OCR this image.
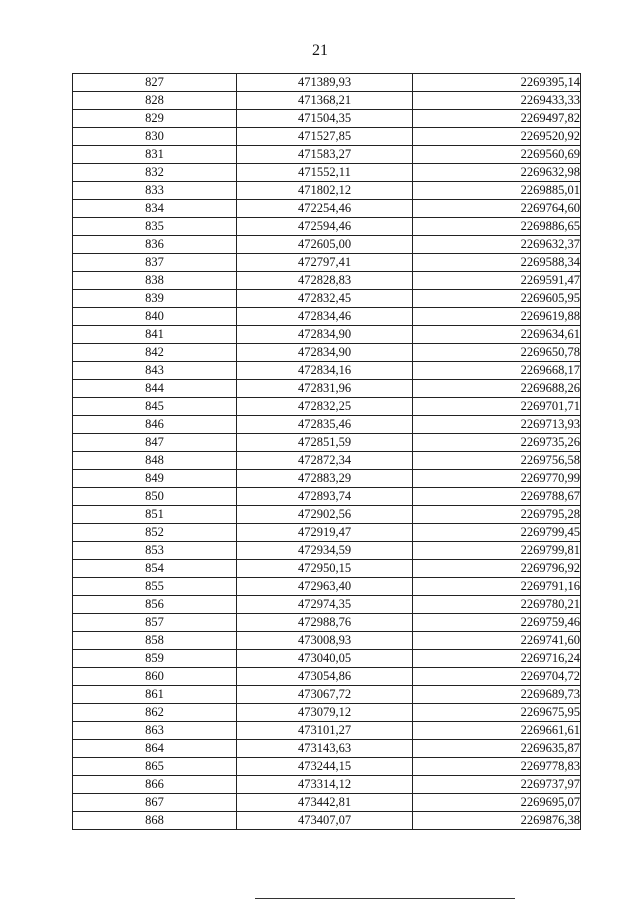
21
827	471389,93	2269395,14
828	471368,21	2269433,33
829	471504,35	2269497,82
830	471527,85	2269520,92
831	471583,27	2269560,69
832	471552,11	2269632,98
833	471802,12	2269885,01
834	472254,46	2269764,60
835	472594,46	2269886,65
836	472605,00	2269632,37
837	472797,41	2269588,34
838	472828,83	2269591,47
839	472832,45	2269605,95
840	472834,46	2269619,88
841	472834,90	2269634,61
842	472834,90	2269650,78
843	472834,16	2269668,17
844	472831,96	2269688,26
845	472832,25	2269701,71
846	472835,46	2269713,93
847	472851,59	2269735,26
848	472872,34	2269756,58
849	472883,29	2269770,99
850	472893,74	2269788,67
851	472902,56	2269795,28
852	472919,47	2269799,45
853	472934,59	2269799,81
854	472950,15	2269796,92
855	472963,40	2269791,16
856	472974,35	2269780,21
857	472988,76	2269759,46
858	473008,93	2269741,60
859	473040,05	2269716,24
860	473054,86	2269704,72
861	473067,72	2269689,73
862	473079,12	2269675,95
863	473101,27	2269661,61
864	473143,63	2269635,87
865	473244,15	2269778,83
866	473314,12	2269737,97
867	473442,81	2269695,07
868	473407,07	2269876,38
